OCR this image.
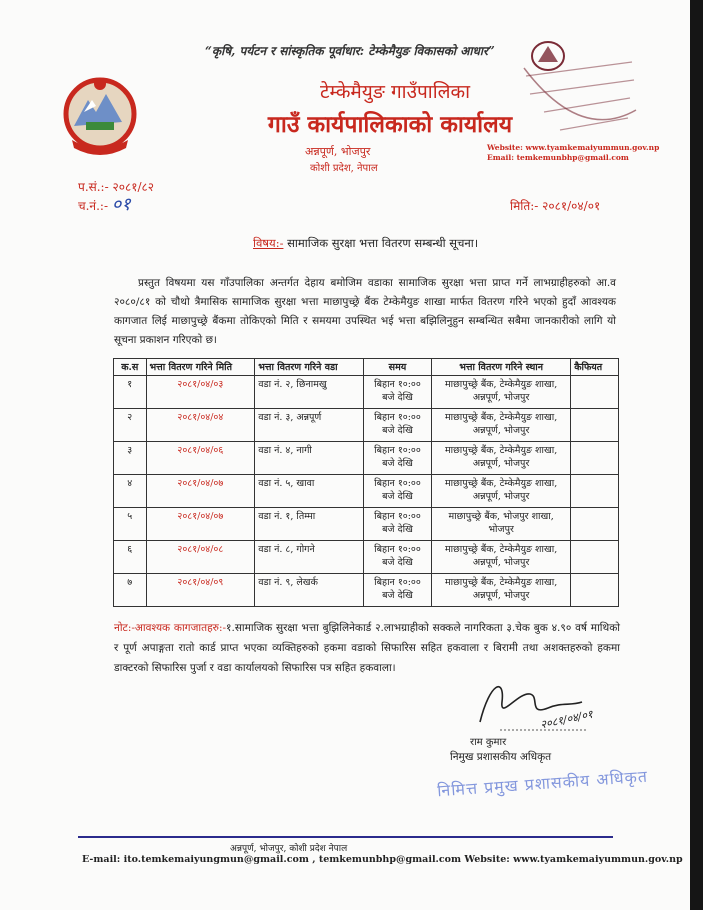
“कृषि, पर्यटन र सांस्कृतिक पूर्वाधार: टेम्केमैयुङ विकासको आधार”
टेम्केमैयुङ गाउँपालिका
गाउँ कार्यपालिकाको कार्यालय
अन्नपूर्ण, भोजपुर
कोशी प्रदेश, नेपाल
Website: www.tyamkemaiyummun.gov.np
Email: temkemunbhp@gmail.com
प.सं.:- २०८१/८२
च.नं.:- ०१	मिति:- २०८१/०४/०१
विषय:- सामाजिक सुरक्षा भत्ता वितरण सम्बन्धी सूचना।
प्रस्तुत विषयमा यस गाँउपालिका अन्तर्गत देहाय बमोजिम वडाका सामाजिक सुरक्षा भत्ता प्राप्त गर्ने लाभग्राहीहरुको आ.व २०८०/८१ को चौथो त्रैमासिक सामाजिक सुरक्षा भत्ता माछापुच्छ्रे बैंक टेम्केमैयुङ शाखा मार्फत वितरण गरिने भएको हुदाँ आवश्यक कागजात लिई माछापुच्छ्रे बैंकमा तोकिएको मिति र समयमा उपस्थित भई भत्ता बझिलिनुहुन सम्बन्धित सबैमा जानकारीको लागि यो सूचना प्रकाशन गरिएको छ।
क.स	भत्ता वितरण गरिने मिति	भत्ता वितरण गरिने वडा	समय	भत्ता वितरण गरिने स्थान	कैफियत
१	२०८१/०४/०३	वडा नं. २, छिनामखु	बिहान १०:०० बजे देखि	माछापुच्छ्रे बैंक, टेम्केमैयुङ शाखा, अन्नपूर्ण, भोजपुर	
२	२०८१/०४/०४	वडा नं. ३, अन्नपूर्ण	बिहान १०:०० बजे देखि	माछापुच्छ्रे बैंक, टेम्केमैयुङ शाखा, अन्नपूर्ण, भोजपुर	
३	२०८१/०४/०६	वडा नं. ४, नागी	बिहान १०:०० बजे देखि	माछापुच्छ्रे बैंक, टेम्केमैयुङ शाखा, अन्नपूर्ण, भोजपुर	
४	२०८१/०४/०७	वडा नं. ५, खावा	बिहान १०:०० बजे देखि	माछापुच्छ्रे बैंक, टेम्केमैयुङ शाखा, अन्नपूर्ण, भोजपुर	
५	२०८१/०४/०७	वडा नं. १, तिम्मा	बिहान १०:०० बजे देखि	माछापुच्छ्रे बैंक, भोजपुर शाखा, भोजपुर	
६	२०८१/०४/०८	वडा नं. ८, गोगने	बिहान १०:०० बजे देखि	माछापुच्छ्रे बैंक, टेम्केमैयुङ शाखा, अन्नपूर्ण, भोजपुर	
७	२०८१/०४/०९	वडा नं. ९, लेखर्क	बिहान १०:०० बजे देखि	माछापुच्छ्रे बैंक, टेम्केमैयुङ शाखा, अन्नपूर्ण, भोजपुर	
नोट:-आवश्यक कागजातहरु:-१.सामाजिक सुरक्षा भत्ता बुझिलिनेकार्ड २.लाभग्राहीको सक्कले नागरिकता ३.चेक बुक ४.९० वर्ष माथिको र पूर्ण अपाङ्गता रातो कार्ड प्राप्त भएका व्यक्तिहरुको हकमा वडाको सिफारिस सहित हकवाला र बिरामी तथा अशक्तहरुको हकमा डाक्टरको सिफारिस पुर्जा र वडा कार्यालयको सिफारिस पत्र सहित हकवाला।
२०८१/०४/०१
राम कुमार
निमुख प्रशासकीय अधिकृत
निमित्त प्रमुख प्रशासकीय अधिकृत
अन्नपूर्ण, भोजपुर, कोशी प्रदेश नेपाल
E-mail: ito.temkemaiyungmun@gmail.com , temkemunbhp@gmail.com Website: www.tyamkemaiyummun.gov.np
